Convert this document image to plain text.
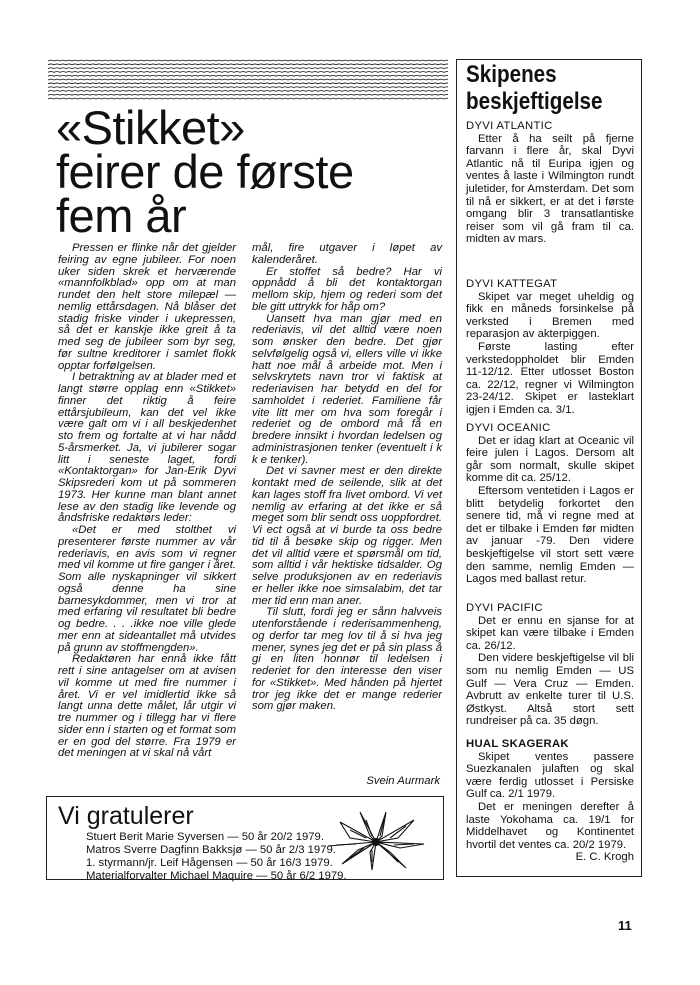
«Stikket»
feirer de første
fem år

Pressen er flinke når det gjelder feiring av egne jubileer. For noen uker siden skrek et herværende «mannfolkblad» opp om at man rundet den helt store milepæl — nemlig ettårsdagen. Nå blåser det stadig friske vinder i ukepressen, så det er kanskje ikke greit å ta med seg de jubileer som byr seg, før sultne kreditorer i samlet flokk opptar forføIgelsen.

I betraktning av at blader med et langt større opplag enn «Stikket» finner det riktig å feire ettårsjubileum, kan det vel ikke være galt om vi i all beskjedenhet sto frem og fortalte at vi har nådd 5-årsmerket. Ja, vi jubilerer sogar litt i seneste laget, fordi «Kontaktorgan» for Jan-Erik Dyvi Skipsrederi kom ut på sommeren 1973. Her kunne man blant annet lese av den stadig like levende og åndsfriske redaktørs leder:

«Det er med stolthet vi presenterer første nummer av vår rederiavis, en avis som vi regner med vil komme ut fire ganger i året. Som alle nyskapninger vil sikkert også denne ha sine barnesykdommer, men vi tror at med erfaring vil resultatet bli bedre og bedre. . . .ikke noe ville glede mer enn at sideantallet må utvides på grunn av stoffmengden».

Redaktøren har ennå ikke fått rett i sine antagelser om at avisen vil komme ut med fire nummer i året. Vi er vel imidlertid ikke så langt unna dette målet, lår utgir vi tre nummer og i tillegg har vi flere sider enn i starten og et format som er en god del større. Fra 1979 er det meningen at vi skal nå vårt

mål, fire utgaver i løpet av kalenderåret.

Er stoffet så bedre? Har vi oppnådd å bli det kontaktorgan mellom skip, hjem og rederi som det ble gitt uttrykk for håp om?

Uansett hva man gjør med en rederiavis, vil det alltid være noen som ønsker den bedre. Det gjør selvfølgelig også vi, ellers ville vi ikke hatt noe mål å arbeide mot. Men i selvskrytets navn tror vi faktisk at rederiavisen har betydd en del for samholdet i rederiet. Familiene får vite litt mer om hva som foregår i rederiet og de ombord må få en bredere innsikt i hvordan ledelsen og administrasjonen tenker (eventuelt i k k e tenker).

Det vi savner mest er den direkte kontakt med de seilende, slik at det kan lages stoff fra livet ombord. Vi vet nemlig av erfaring at det ikke er så meget som blir sendt oss uoppfordret. Vi ect også at vi burde ta oss bedre tid til å besøke skip og rigger. Men det vil alltid være et spørsmål om tid, som alltid i vår hektiske tidsalder. Og selve produksjonen av en rederiavis er heller ikke noe simsalabim, det tar mer tid enn man aner.

Til slutt, fordi jeg er sånn halvveis utenforstående i rederisammenheng, og derfor tar meg lov til å si hva jeg mener, synes jeg det er på sin plass å gi en liten honnør til ledelsen i rederiet for den interesse den viser for «Stikket». Med hånden på hjertet tror jeg ikke det er mange rederier som gjør maken.

Svein Aurmark
Skipenes
beskjeftigelse
DYVI ATLANTIC

Etter å ha seilt på fjerne farvann i flere år, skal Dyvi Atlantic nå til Euripa igjen og ventes å laste i Wilmington rundt juletider, for Amsterdam. Det som til nå er sikkert, er at det i første omgang blir 3 transatlantiske reiser som vil gå fram til ca. midten av mars.

DYVI KATTEGAT

Skipet var meget uheldig og fikk en måneds forsinkelse på verksted i Bremen med reparasjon av akterpiggen.

Første lasting efter verkstedoppholdet blir Emden 11-12/12. Etter utlosset Boston ca. 22/12, regner vi Wilmington 23-24/12. Skipet er lasteklart igjen i Emden ca. 3/1.

DYVI OCEANIC

Det er idag klart at Oceanic vil feire julen i Lagos. Dersom alt går som normalt, skulle skipet komme dit ca. 25/12.

Eftersom ventetiden i Lagos er blitt betydelig forkortet den senere tid, må vi regne med at det er tilbake i Emden før midten av januar -79. Den videre beskjeftigelse vil stort sett være den samme, nemlig Emden — Lagos med ballast retur.

DYVI PACIFIC

Det er ennu en sjanse for at skipet kan være tilbake i Emden ca. 26/12.

Den videre beskjeftigelse vil bli som nu nemlig Emden — US Gulf — Vera Cruz — Emden. Avbrutt av enkelte turer til U.S. Østkyst. Altså stort sett rundreiser på ca. 35 døgn.

HUAL SKAGERAK

Skipet ventes passere Suezkanalen julaften og skal være ferdig utlosset i Persiske Gulf ca. 2/1 1979.

Det er meningen derefter å laste Yokohama ca. 19/1 for Middelhavet og Kontinentet hvortil det ventes ca. 20/2 1979.

E. C. Krogh
Vi gratulerer
Stuert Berit Marie Syversen — 50 år 20/2 1979.
Matros Sverre Dagfinn Bakksjø — 50 år 2/3 1979.
1. styrmann/jr. Leif Hågensen — 50 år 16/3 1979.
Materialforvalter Michael Maquire — 50 år 6/2 1979.
11
